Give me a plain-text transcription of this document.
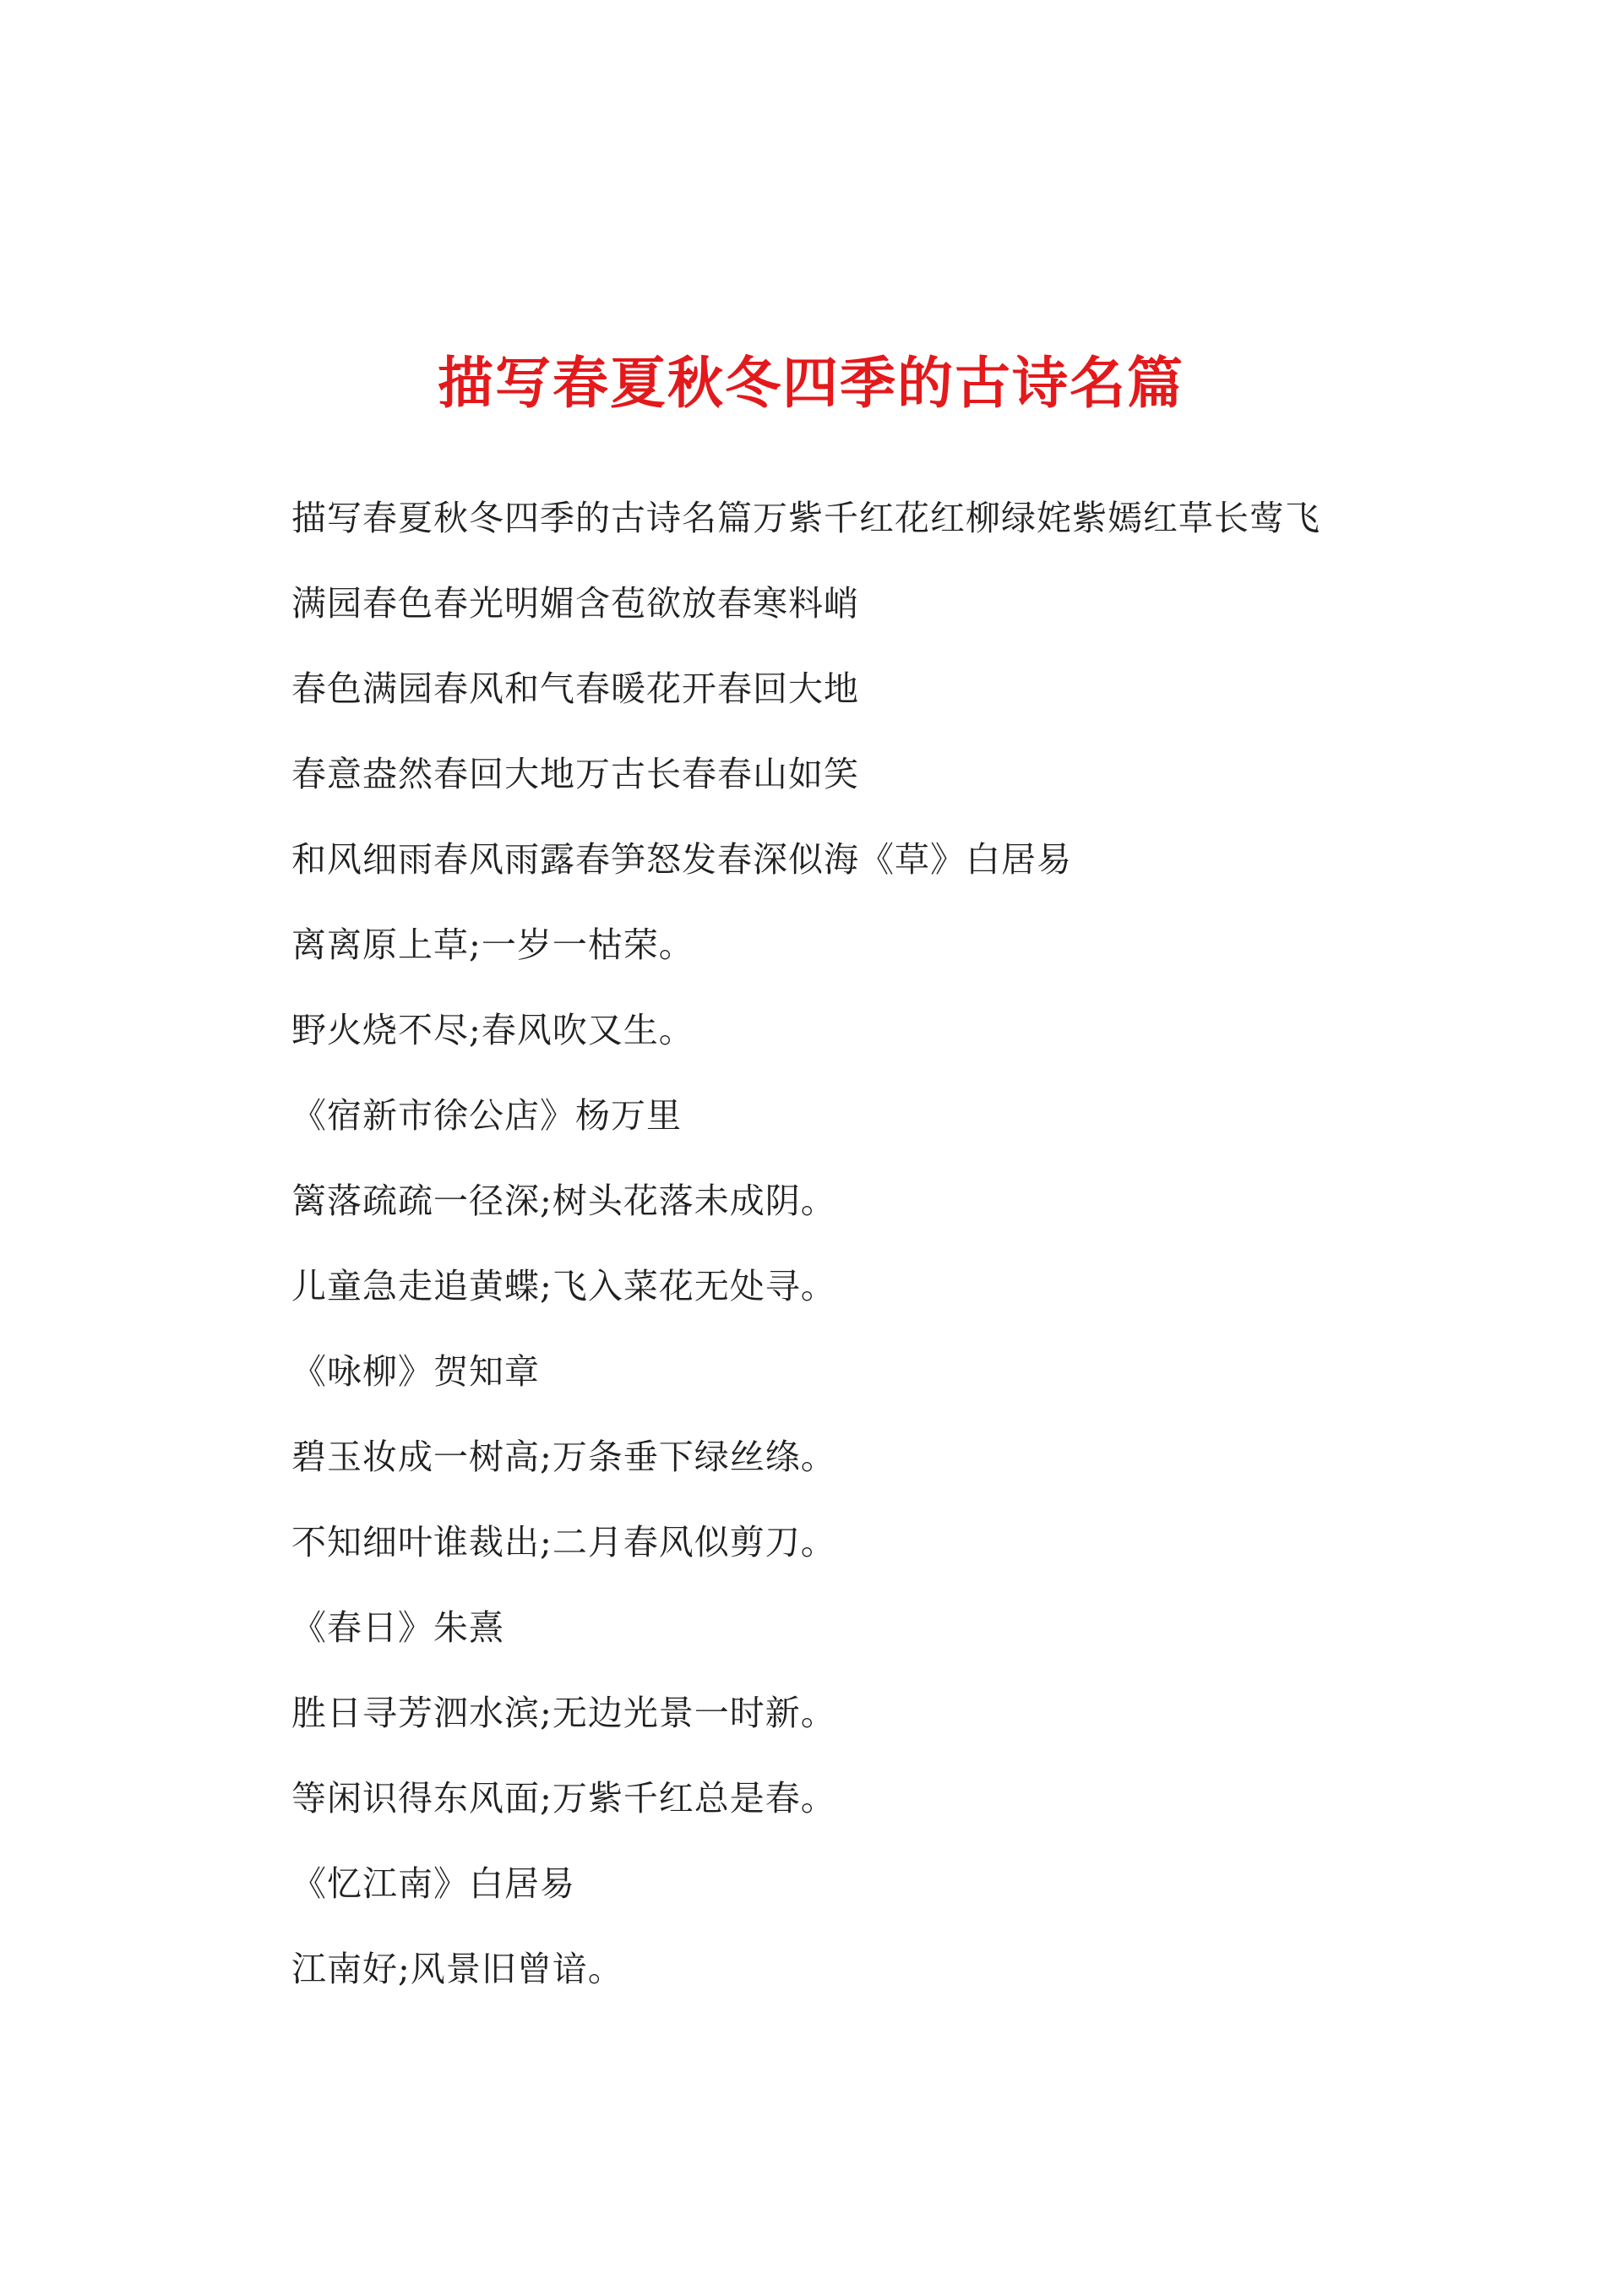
描写春夏秋冬四季的古诗名篇
描写春夏秋冬四季的古诗名篇万紫千红花红柳绿姹紫嫣红草长莺飞
满园春色春光明媚含苞欲放春寒料峭
春色满园春风和气春暖花开春回大地
春意盎然春回大地万古长春春山如笑
和风细雨春风雨露春笋怒发春深似海《草》白居易
离离原上草;一岁一枯荣。
野火烧不尽;春风吹又生。
《宿新市徐公店》杨万里
篱落疏疏一径深;树头花落未成阴。
儿童急走追黄蝶;飞入菜花无处寻。
《咏柳》贺知章
碧玉妆成一树高;万条垂下绿丝绦。
不知细叶谁裁出;二月春风似剪刀。
《春日》朱熹
胜日寻芳泗水滨;无边光景一时新。
等闲识得东风面;万紫千红总是春。
《忆江南》白居易
江南好;风景旧曾谙。
